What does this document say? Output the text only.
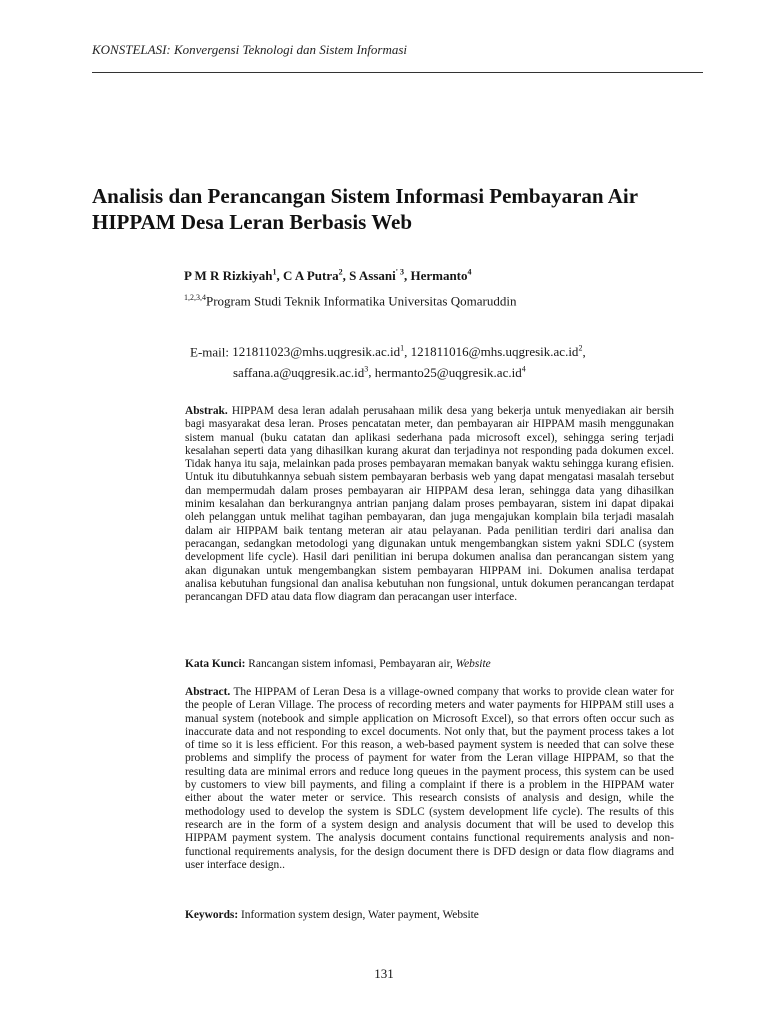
KONSTELASI: Konvergensi Teknologi dan Sistem Informasi
Analisis dan Perancangan Sistem Informasi Pembayaran Air HIPPAM Desa Leran Berbasis Web
P M R Rizkiyah$^1$, C A Putra$^2$, S Assani$^{' 3}$, Hermanto$^4$
$^{1,2,3,4}$Program Studi Teknik Informatika Universitas Qomaruddin
E-mail: $121811023@mhs.uqgresik.ac.id^1$, $121811016@mhs.uqgresik.ac.id^2$,
$saffana.a@uqgresik.ac.id^3$, $hermanto25@uqgresik.ac.id^4$
Abstrak. HIPPAM desa leran adalah perusahaan milik desa yang bekerja untuk menyediakan air bersih bagi masyarakat desa leran. Proses pencatatan meter, dan pembayaran air HIPPAM masih menggunakan sistem manual (buku catatan dan aplikasi sederhana pada microsoft excel), sehingga sering terjadi kesalahan seperti data yang dihasilkan kurang akurat dan terjadinya not responding pada dokumen excel. Tidak hanya itu saja, melainkan pada proses pembayaran memakan banyak waktu sehingga kurang efisien. Untuk itu dibutuhkannya sebuah sistem pembayaran berbasis web yang dapat mengatasi masalah tersebut dan mempermudah dalam proses pembayaran air HIPPAM desa leran, sehingga data yang dihasilkan minim kesalahan dan berkurangnya antrian panjang dalam proses pembayaran, sistem ini dapat dipakai oleh pelanggan untuk melihat tagihan pembayaran, dan juga mengajukan komplain bila terjadi masalah dalam air HIPPAM baik tentang meteran air atau pelayanan. Pada penilitian terdiri dari analisa dan peracangan, sedangkan metodologi yang digunakan untuk mengembangkan sistem yakni SDLC (system development life cycle). Hasil dari penilitian ini berupa dokumen analisa dan perancangan sistem yang akan digunakan untuk mengembangkan sistem pembayaran HIPPAM ini. Dokumen analisa terdapat analisa kebutuhan fungsional dan analisa kebutuhan non fungsional, untuk dokumen perancangan terdapat perancangan DFD atau data flow diagram dan peracangan user interface.
Kata Kunci: Rancangan sistem infomasi, Pembayaran air, Website
Abstract. The HIPPAM of Leran Desa is a village-owned company that works to provide clean water for the people of Leran Village. The process of recording meters and water payments for HIPPAM still uses a manual system (notebook and simple application on Microsoft Excel), so that errors often occur such as inaccurate data and not responding to excel documents. Not only that, but the payment process takes a lot of time so it is less efficient. For this reason, a web-based payment system is needed that can solve these problems and simplify the process of payment for water from the Leran village HIPPAM, so that the resulting data are minimal errors and reduce long queues in the payment process, this system can be used by customers to view bill payments, and filing a complaint if there is a problem in the HIPPAM water either about the water meter or service. This research consists of analysis and design, while the methodology used to develop the system is SDLC (system development life cycle). The results of this research are in the form of a system design and analysis document that will be used to develop this HIPPAM payment system. The analysis document contains functional requirements analysis and non-functional requirements analysis, for the design document there is DFD design or data flow diagrams and user interface design..
Keywords: Information system design, Water payment, Website
131
